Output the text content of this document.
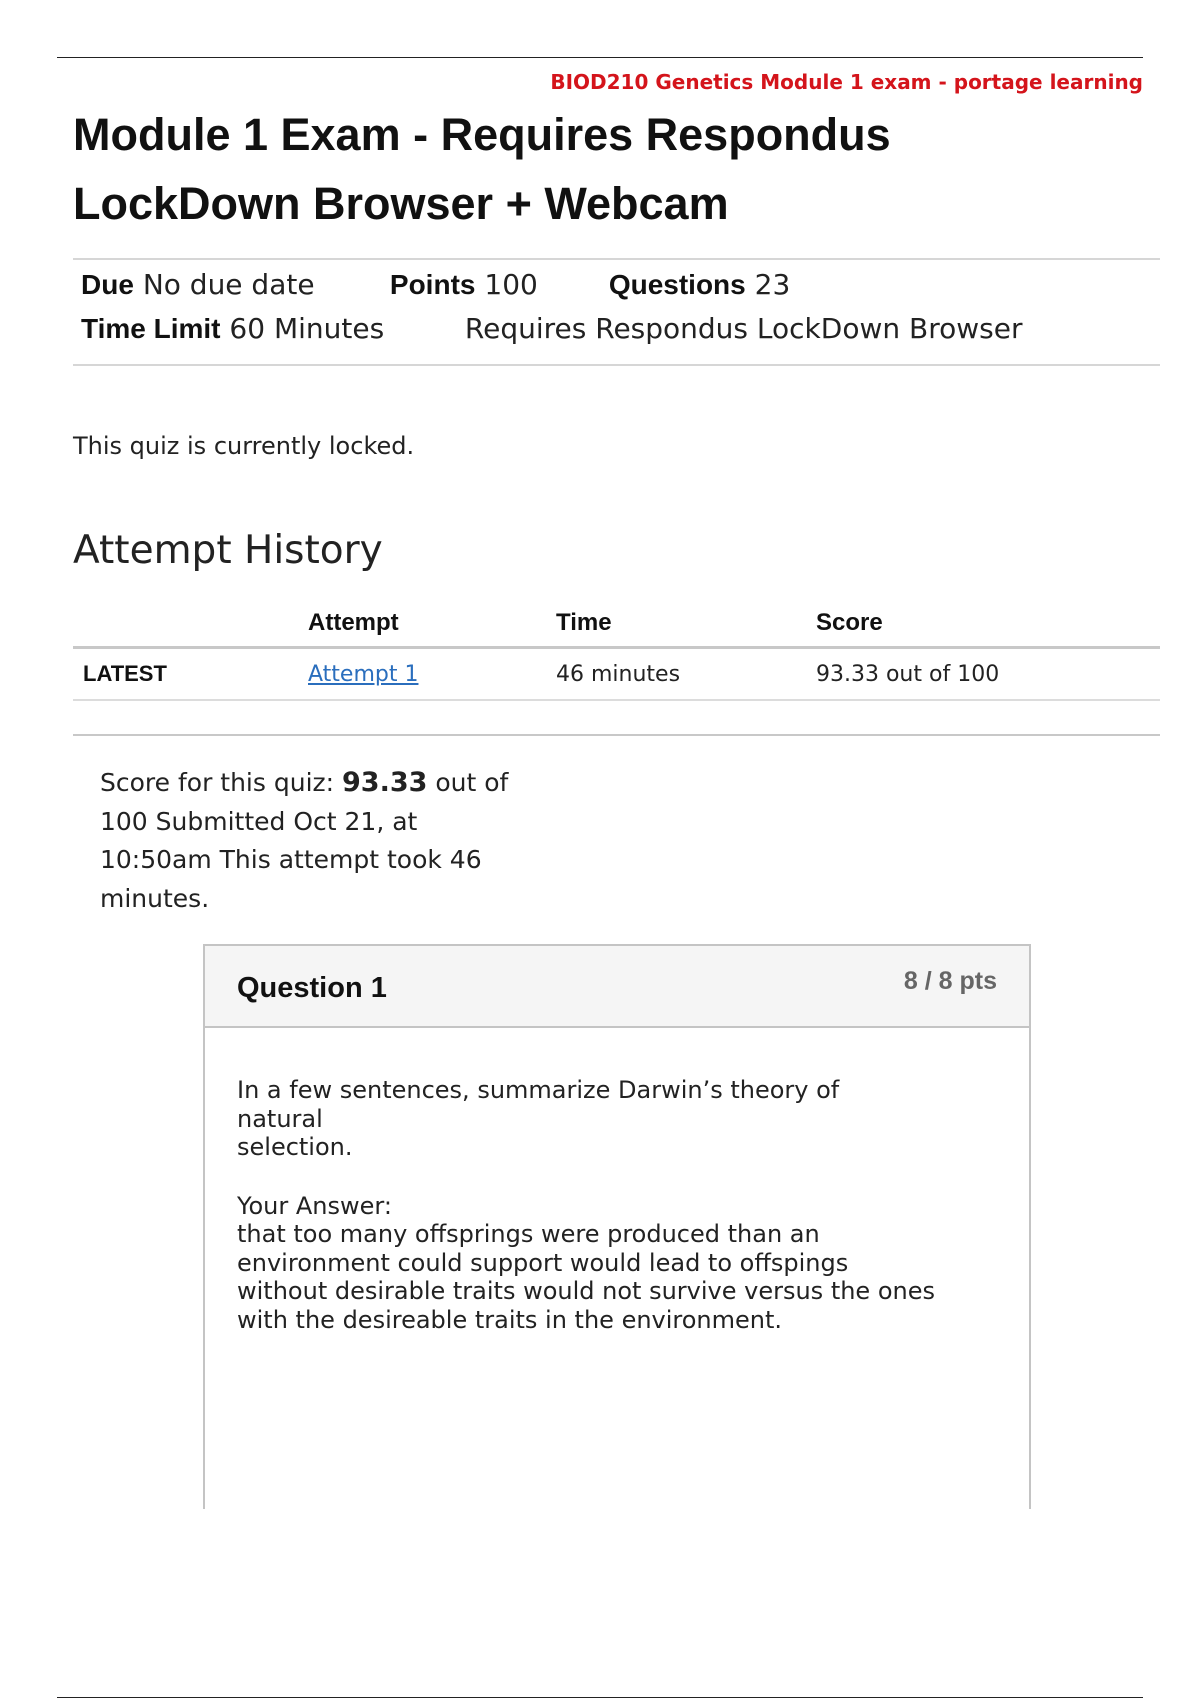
BIOD210 Genetics Module 1 exam - portage learning
Module 1 Exam - Requires Respondus
LockDown Browser + Webcam
Due No due date	Points 100	Questions 23
Time Limit 60 Minutes	Requires Respondus LockDown Browser
This quiz is currently locked.
Attempt History
	Attempt	Time	Score
LATEST	Attempt 1	46 minutes	93.33 out of 100
Score for this quiz: 93.33 out of 100 Submitted Oct 21, at 10:50am This attempt took 46 minutes.
Question 1	8 / 8 pts

In a few sentences, summarize Darwin’s theory of
natural
selection.

Your Answer:

that too many offsprings were produced than an
environment could support would lead to offspings
without desirable traits would not survive versus the ones
with the desireable traits in the environment.
